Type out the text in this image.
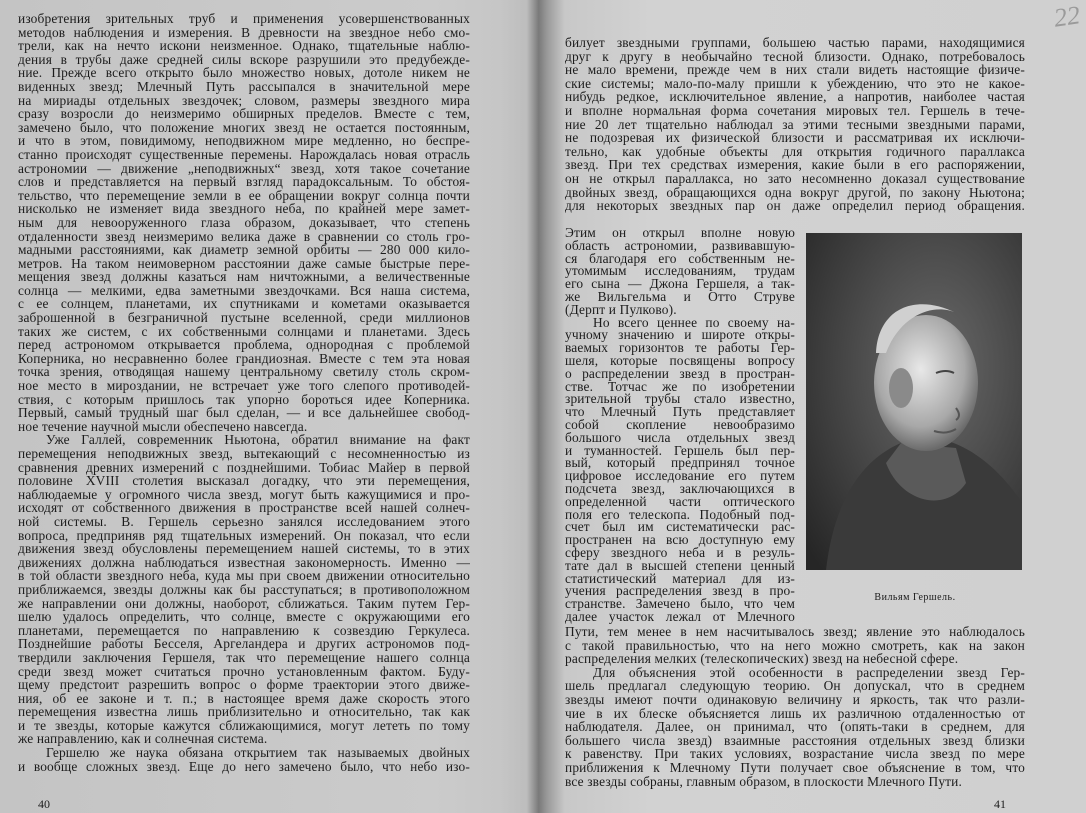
изобретения зрительных труб и применения усовершенствованных
методов наблюдения и измерения. В древности на звездное небо смо-
трели, как на нечто искони неизменное. Однако, тщательные наблю-
дения в трубы даже средней силы вскоре разрушили это предубежде-
ние. Прежде всего открыто было множество новых, дотоле никем не
виденных звезд; Млечный Путь рассыпался в значительной мере
на мириады отдельных звездочек; словом, размеры звездного мира
сразу возросли до неизмеримо обширных пределов. Вместе с тем,
замечено было, что положение многих звезд не остается постоянным,
и что в этом, повидимому, неподвижном мире медленно, но беспре-
станно происходят существенные перемены. Нарождалась новая отрасль
астрономии — движение „неподвижных“ звезд, хотя такое сочетание
слов и представляется на первый взгляд парадоксальным. То обстоя-
тельство, что перемещение земли в ее обращении вокруг солнца почти
нисколько не изменяет вида звездного неба, по крайней мере замет-
ным для невооруженного глаза образом, доказывает, что степень
отдаленности звезд неизмеримо велика даже в сравнении со столь гро-
мадными расстояниями, как диаметр земной орбиты — 280 000 кило-
метров. На таком неимоверном расстоянии даже самые быстрые пере-
мещения звезд должны казаться нам ничтожными, а величественные
солнца — мелкими, едва заметными звездочками. Вся наша система,
с ее солнцем, планетами, их спутниками и кометами оказывается
заброшенной в безграничной пустыне вселенной, среди миллионов
таких же систем, с их собственными солнцами и планетами. Здесь
перед астрономом открывается проблема, однородная с проблемой
Коперника, но несравненно более грандиозная. Вместе с тем эта новая
точка зрения, отводящая нашему центральному светилу столь скром-
ное место в мироздании, не встречает уже того слепого противодей-
ствия, с которым пришлось так упорно бороться идее Коперника.
Первый, самый трудный шаг был сделан, — и все дальнейшее свобод-
ное течение научной мысли обеспечено навсегда.
Уже Галлей, современник Ньютона, обратил внимание на факт
перемещения неподвижных звезд, вытекающий с несомненностью из
сравнения древних измерений с позднейшими. Тобиас Майер в первой
половине XVIII столетия высказал догадку, что эти перемещения,
наблюдаемые у огромного числа звезд, могут быть кажущимися и про-
исходят от собственного движения в пространстве всей нашей солнеч-
ной системы. В. Гершель серьезно занялся исследованием этого
вопроса, предприняв ряд тщательных измерений. Он показал, что если
движения звезд обусловлены перемещением нашей системы, то в этих
движениях должна наблюдаться известная закономерность. Именно —
в той области звездного неба, куда мы при своем движении относительно
приближаемся, звезды должны как бы расступаться; в противоположном
же направлении они должны, наоборот, сближаться. Таким путем Гер-
шелю удалось определить, что солнце, вместе с окружающими его
планетами, перемещается по направлению к созвездию Геркулеса.
Позднейшие работы Бесселя, Аргеландера и других астрономов под-
твердили заключения Гершеля, так что перемещение нашего солнца
среди звезд может считаться прочно установленным фактом. Буду-
щему предстоит разрешить вопрос о форме траектории этого движе-
ния, об ее законе и т. п.; в настоящее время даже скорость этого
перемещения известна лишь приблизительно и относительно, так как
и те звезды, которые кажутся сближающимися, могут лететь по тому
же направлению, как и солнечная система.
Гершелю же наука обязана открытием так называемых двойных
и вообще сложных звезд. Еще до него замечено было, что небо изо-
40
билует звездными группами, большею частью парами, находящимися
друг к другу в необычайно тесной близости. Однако, потребовалось
не мало времени, прежде чем в них стали видеть настоящие физиче-
ские системы; мало-по-малу пришли к убеждению, что это не какое-
нибудь редкое, исключительное явление, а напротив, наиболее частая
и вполне нормальная форма сочетания мировых тел. Гершель в тече-
ние 20 лет тщательно наблюдал за этими тесными звездными парами,
не подозревая их физической близости и рассматривая их исключи-
тельно, как удобные объекты для открытия годичного параллакса
звезд. При тех средствах измерения, какие были в его распоряжении,
он не открыл параллакса, но зато несомненно доказал существование
двойных звезд, обращающихся одна вокруг другой, по закону Ньютона;
для некоторых звездных пар он даже определил период обращения.
Этим он открыл вполне новую
область астрономии, развивавшую-
ся благодаря его собственным не-
утомимым исследованиям, трудам
его сына — Джона Гершеля, а так-
же Вильгельма и Отто Струве
(Дерпт и Пулково).
Но всего ценнее по своему на-
учному значению и широте откры-
ваемых горизонтов те работы Гер-
шеля, которые посвящены вопросу
о распределении звезд в простран-
стве. Тотчас же по изобретении
зрительной трубы стало известно,
что Млечный Путь представляет
собой скопление невообразимо
большого числа отдельных звезд
и туманностей. Гершель был пер-
вый, который предпринял точное
цифровое исследование его путем
подсчета звезд, заключающихся в
определенной части оптического
поля его телескопа. Подобный под-
счет был им систематически рас-
пространен на всю доступную ему
сферу звездного неба и в резуль-
тате дал в высшей степени ценный
статистический материал для из-
учения распределения звезд в про-
странстве. Замечено было, что чем
далее участок лежал от Млечного
Пути, тем менее в нем насчитывалось звезд; явление это наблюдалось
с такой правильностью, что на него можно смотреть, как на закон
распределения мелких (телескопических) звезд на небесной сфере.
Для объяснения этой особенности в распределении звезд Гер-
шель предлагал следующую теорию. Он допускал, что в среднем
звезды имеют почти одинаковую величину и яркость, так что разли-
чие в их блеске объясняется лишь их различною отдаленностью от
наблюдателя. Далее, он принимал, что (опять-таки в среднем, для
большего числа звезд) взаимные расстояния отдельных звезд близки
к равенству. При таких условиях, возрастание числа звезд по мере
приближения к Млечному Пути получает свое объяснение в том, что
все звезды собраны, главным образом, в плоскости Млечного Пути.
Вильям Гершель.
41
22
